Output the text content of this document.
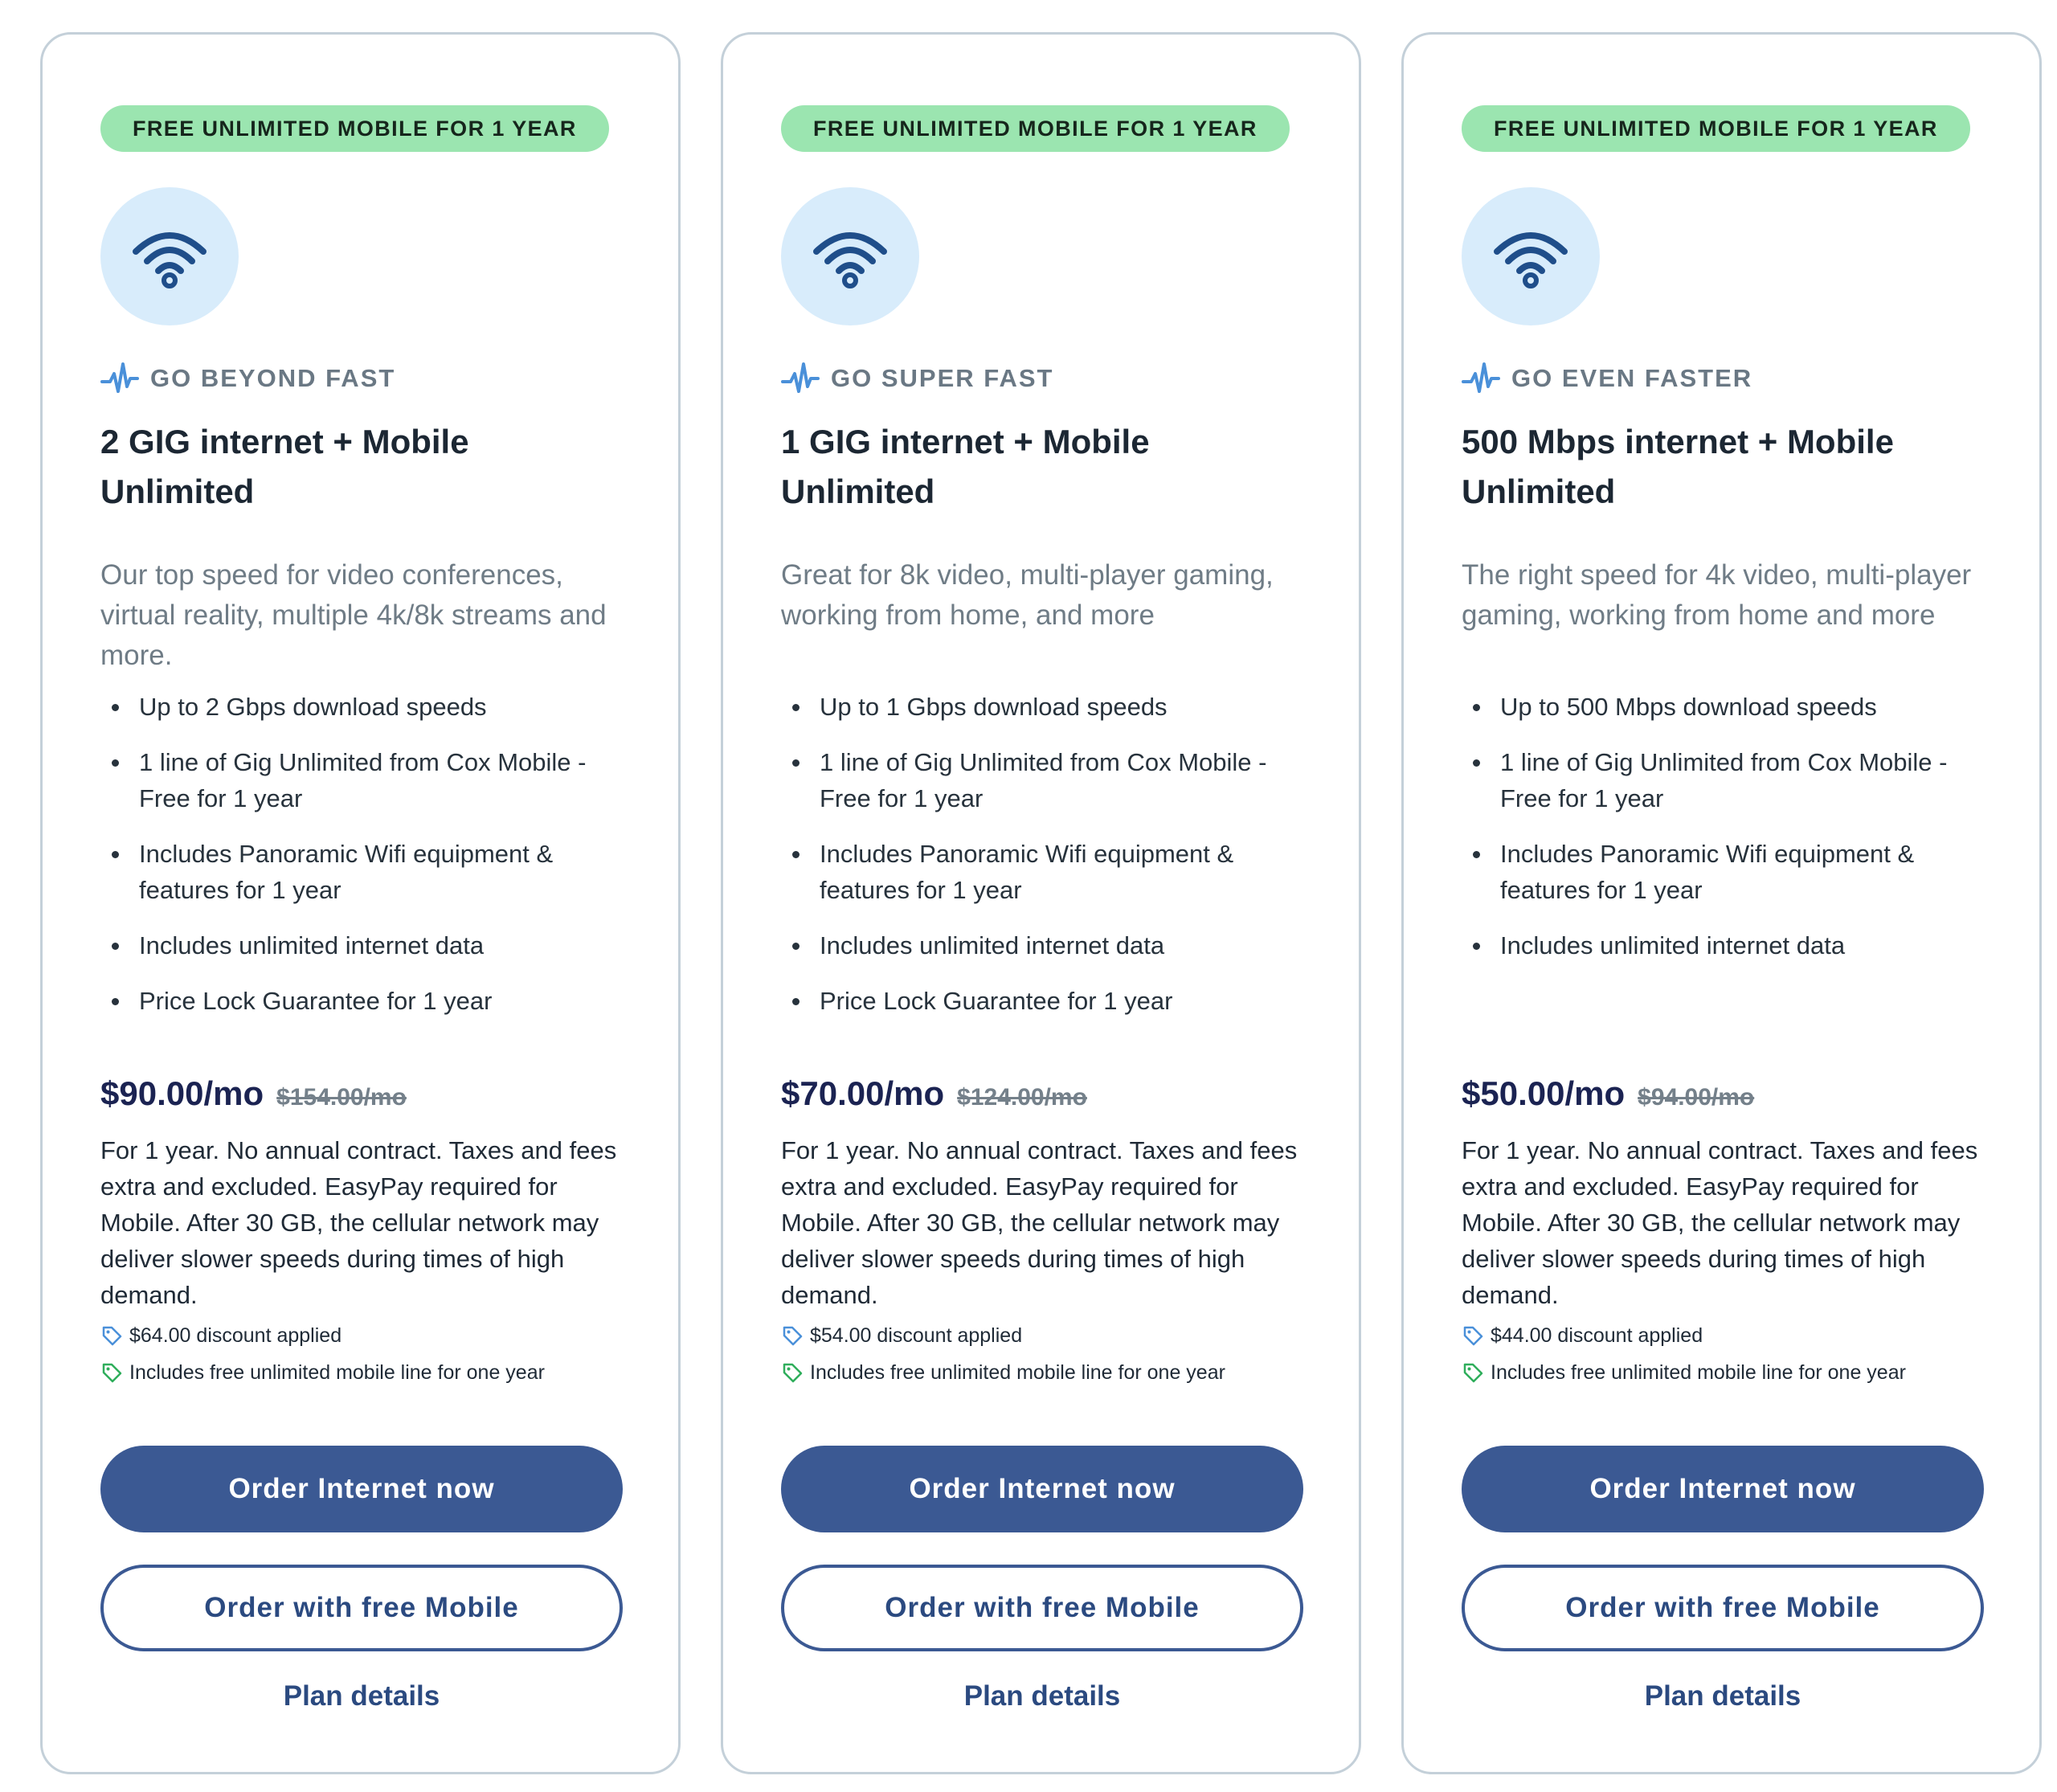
FREE UNLIMITED MOBILE FOR 1 YEAR
GO BEYOND FAST
2 GIG internet + Mobile Unlimited
Our top speed for video conferences, virtual reality, multiple 4k/8k streams and more.
Up to 2 Gbps download speeds
1 line of Gig Unlimited from Cox Mobile - Free for 1 year
Includes Panoramic Wifi equipment & features for 1 year
Includes unlimited internet data
Price Lock Guarantee for 1 year
$90.00/mo $154.00/mo
For 1 year. No annual contract. Taxes and fees extra and excluded. EasyPay required for Mobile. After 30 GB, the cellular network may deliver slower speeds during times of high demand.
$64.00 discount applied
Includes free unlimited mobile line for one year
Order Internet now
Order with free Mobile
Plan details
FREE UNLIMITED MOBILE FOR 1 YEAR
GO SUPER FAST
1 GIG internet + Mobile Unlimited
Great for 8k video, multi-player gaming, working from home, and more
Up to 1 Gbps download speeds
1 line of Gig Unlimited from Cox Mobile - Free for 1 year
Includes Panoramic Wifi equipment & features for 1 year
Includes unlimited internet data
Price Lock Guarantee for 1 year
$70.00/mo $124.00/mo
For 1 year. No annual contract. Taxes and fees extra and excluded. EasyPay required for Mobile. After 30 GB, the cellular network may deliver slower speeds during times of high demand.
$54.00 discount applied
Includes free unlimited mobile line for one year
Order Internet now
Order with free Mobile
Plan details
FREE UNLIMITED MOBILE FOR 1 YEAR
GO EVEN FASTER
500 Mbps internet + Mobile Unlimited
The right speed for 4k video, multi-player gaming, working from home and more
Up to 500 Mbps download speeds
1 line of Gig Unlimited from Cox Mobile - Free for 1 year
Includes Panoramic Wifi equipment & features for 1 year
Includes unlimited internet data
$50.00/mo $94.00/mo
For 1 year. No annual contract. Taxes and fees extra and excluded. EasyPay required for Mobile. After 30 GB, the cellular network may deliver slower speeds during times of high demand.
$44.00 discount applied
Includes free unlimited mobile line for one year
Order Internet now
Order with free Mobile
Plan details
